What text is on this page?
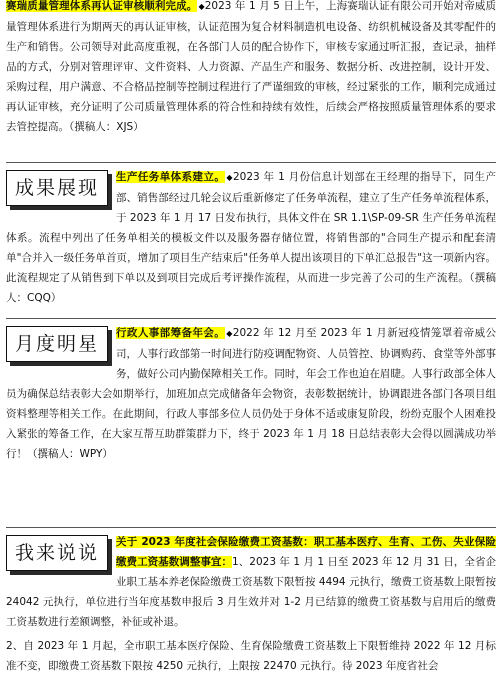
赛瑞质量管理体系再认证审核顺利完成。◆2023 年 1 月 5 日上午，上海赛瑞认证有限公司开始对帝威质量管理体系进行为期两天的再认证审核，认证范围为复合材料制造机电设备、纺织机械设备及其零配件的生产和销售。公司领导对此高度重视，在各部门人员的配合协作下，审核专家通过听汇报，查记录，抽样品的方式，分别对管理评审、文件资料、人力资源、产品生产和服务、数据分析、改进控制，设计开发、采购过程，用户满意、不合格品控制等控制过程进行了严谨细致的审核，经过紧张的工作，顺利完成通过再认证审核，充分证明了公司质量管理体系的符合性和持续有效性，后续会严格按照质量管理体系的要求去管控提高。（撰稿人：XJS）

成果展现	生产任务单体系建立。◆2023 年 1 月份信息计划部在王经理的指导下，同生产部、销售部经过几轮会议后重新修定了任务单流程，建立了生产任务单流程体系，于 2023 年 1 月 17 日发布执行，具体文件在 SR 1.1\SP-09-SR 生产任务单流程体系。流程中列出了任务单相关的模板文件以及服务器存储位置，将销售部的"合同生产提示和配套清单"合并入一级任务单首页，增加了项目生产结束后"任务单人提出该项目的下单汇总报告"这一项新内容。此流程规定了从销售到下单以及到项目完成后考评操作流程，从而进一步完善了公司的生产流程。（撰稿人：CQQ）
月度明星	行政人事部筹备年会。◆2022 年 12 月至 2023 年 1 月新冠疫情笼罩着帝威公司，人事行政部第一时间进行防疫调配物资、人员管控、协调购药、食堂等外部事务，做好公司内勤保障相关工作。同时，年会工作也迫在眉睫。人事行政部全体人员为确保总结表彰大会如期举行，加班加点完成储备年会物资，表彰数据统计，协调跟进各部门各项目组资料整理等相关工作。在此期间，行政人事部多位人员仍处于身体不适或康复阶段，纷纷克服个人困难投入紧张的筹备工作，在大家互帮互助群策群力下，终于 2023 年 1 月 18 日总结表彰大会得以圆满成功举行！（撰稿人：WPY）
我来说说	关于 2023 年度社会保险缴费工资基数：职工基本医疗、生育、工伤、失业保险缴费工资基数调整事宜：1、2023 年 1 月 1 日至 2023 年 12 月 31 日，全省企业职工基本养老保险缴费工资基数下限暂按 4494 元执行，缴费工资基数上限暂按 24042 元执行，单位进行当年度基数申报后 3 月生效并对 1-2 月已结算的缴费工资基数与启用后的缴费工资基数进行差额调整，补征或补退。
2、自 2023 年 1 月起，全市职工基本医疗保险、生育保险缴费工资基数上下限暂维持 2022 年 12 月标准不变，即缴费工资基数下限按 4250 元执行，上限按 22470 元执行。待 2023 年度省社会
